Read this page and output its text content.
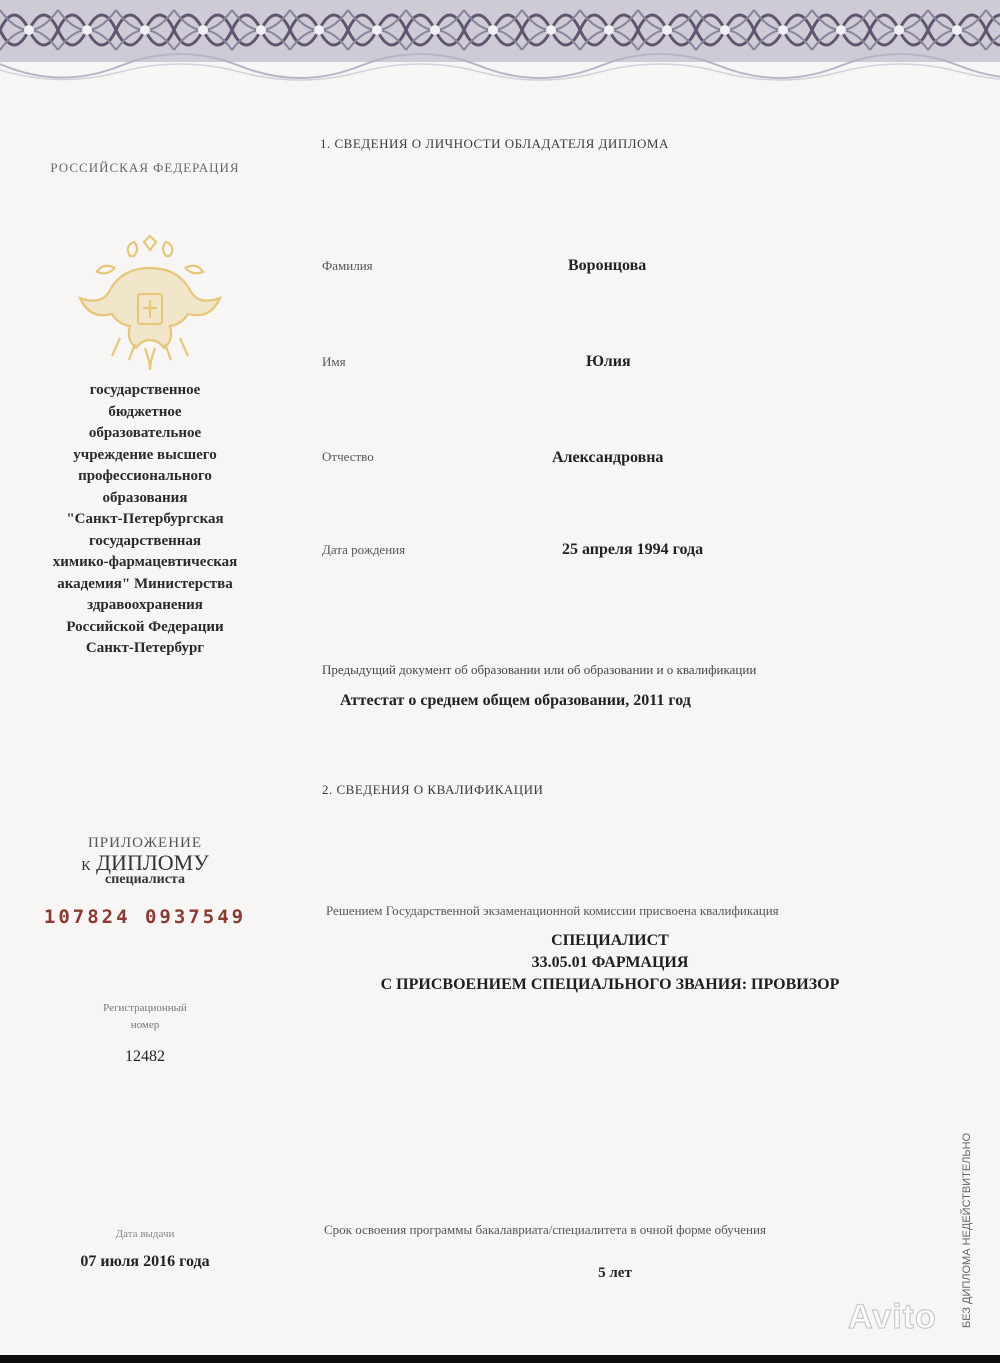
РОССИЙСКАЯ ФЕДЕРАЦИЯ

государственное
бюджетное
образовательное
учреждение высшего
профессионального
образования
"Санкт-Петербургская
государственная
химико-фармацевтическая
академия" Министерства
здравоохранения
Российской Федерации
Санкт-Петербург

ПРИЛОЖЕНИЕ

К ДИПЛОМУ

специалиста

107824 0937549

Регистрационный
номер

12482

Дата выдачи

07 июля 2016 года

1. СВЕДЕНИЯ О ЛИЧНОСТИ ОБЛАДАТЕЛЯ ДИПЛОМА

Фамилия	Воронцова

Имя	Юлия

Отчество	Александровна

Дата рождения	25 апреля 1994 года

Предыдущий документ об образовании или об образовании и о квалификации

Аттестат о среднем общем образовании, 2011 год

2. СВЕДЕНИЯ О КВАЛИФИКАЦИИ

Решением Государственной экзаменационной комиссии присвоена квалификация

СПЕЦИАЛИСТ
33.05.01 ФАРМАЦИЯ
С ПРИСВОЕНИЕМ СПЕЦИАЛЬНОГО ЗВАНИЯ: ПРОВИЗОР

Срок освоения программы бакалавриата/специалитета в очной форме обучения

5 лет	БЕЗ ДИПЛОМА НЕДЕЙСТВИТЕЛЬНО
Avito
